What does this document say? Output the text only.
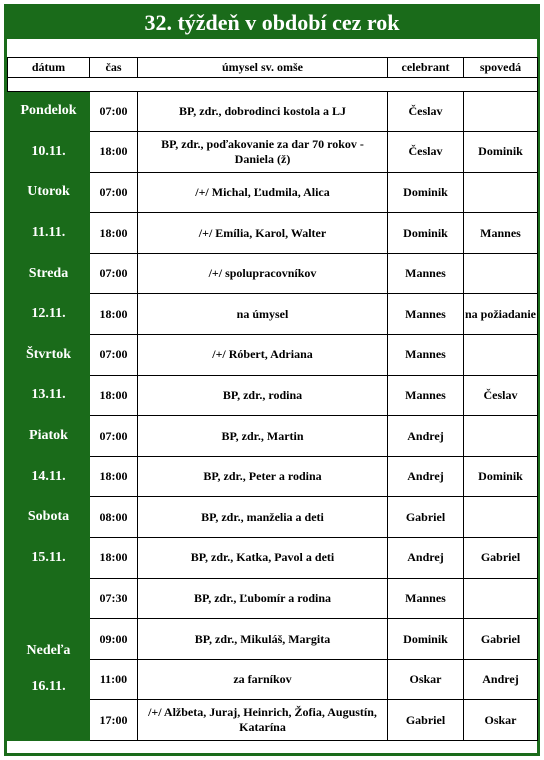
32. týždeň v období cez rok

dátum	čas	úmysel sv. omše	celebrant	spovedá

Pondelok	07:00	BP, zdr., dobrodinci kostola a LJ	Česlav	
10.11.	18:00	BP, zdr., poďakovanie za dar 70 rokov - Daniela (ž)	Česlav	Dominik
Utorok	07:00	/+/ Michal, Ľudmila, Alica	Dominik	
11.11.	18:00	/+/ Emília, Karol, Walter	Dominik	Mannes
Streda	07:00	/+/ spolupracovníkov	Mannes	
12.11.	18:00	na úmysel	Mannes	na požiadanie
Štvrtok	07:00	/+/ Róbert, Adriana	Mannes	
13.11.	18:00	BP, zdr., rodina	Mannes	Česlav
Piatok	07:00	BP, zdr., Martin	Andrej	
14.11.	18:00	BP, zdr., Peter a rodina	Andrej	Dominik
Sobota	08:00	BP, zdr., manželia a deti	Gabriel	
15.11.	18:00	BP, zdr., Katka, Pavol a deti	Andrej	Gabriel

Nedeľa
16.11.	07:30	BP, zdr., Ľubomír a rodina	Mannes	
	09:00	BP, zdr., Mikuláš, Margita	Dominik	Gabriel
	11:00	za farníkov	Oskar	Andrej
	17:00	/+/ Alžbeta, Juraj, Heinrich, Žofia, Augustín, Katarína	Gabriel	Oskar
